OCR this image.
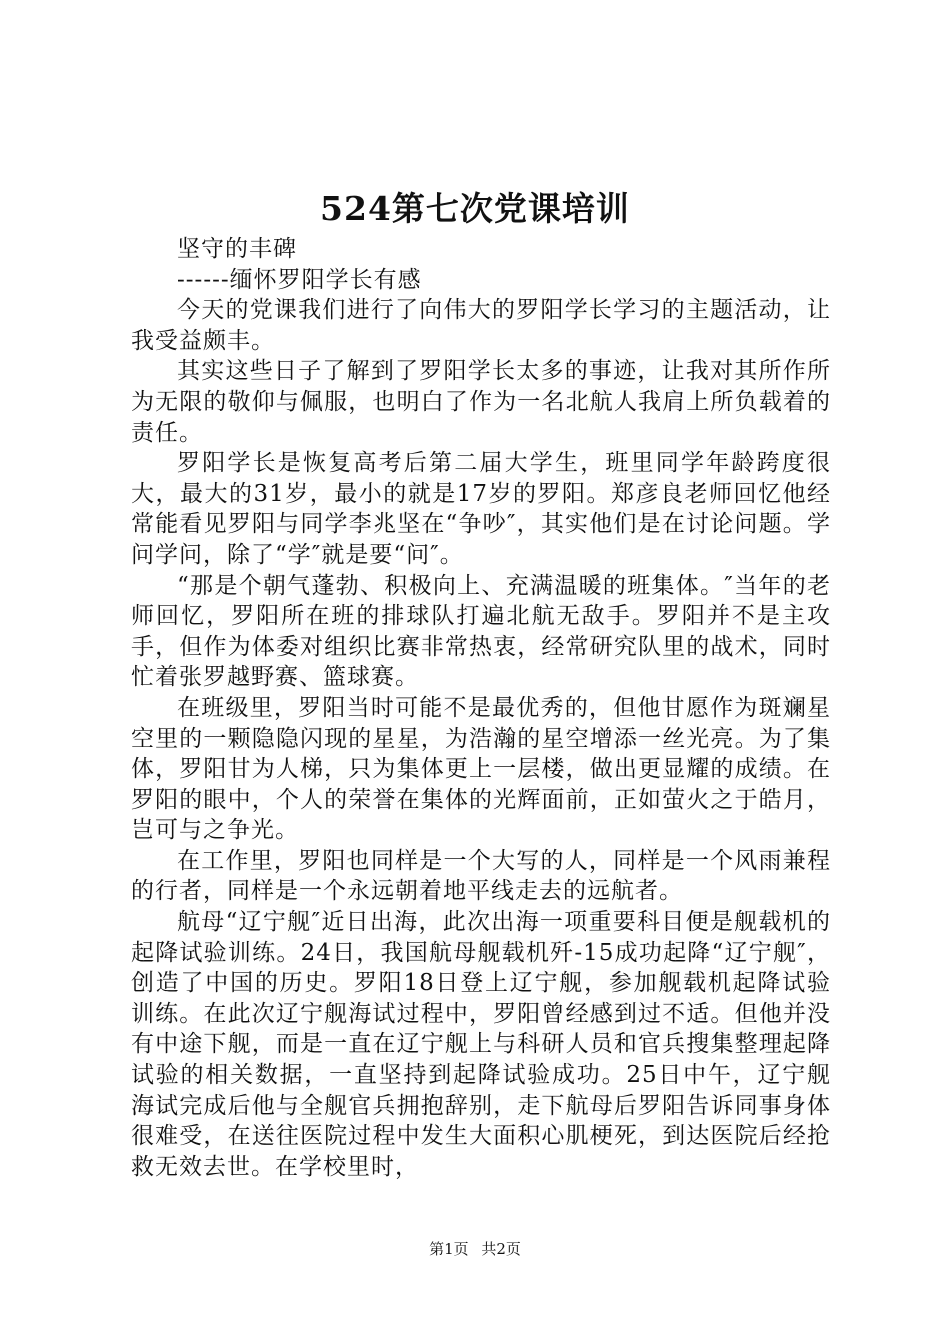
524第七次党课培训

坚守的丰碑

------缅怀罗阳学长有感

今天的党课我们进行了向伟大的罗阳学长学习的主题活动，让我受益颇丰。

其实这些日子了解到了罗阳学长太多的事迹，让我对其所作所为无限的敬仰与佩服，也明白了作为一名北航人我肩上所负载着的责任。

罗阳学长是恢复高考后第二届大学生，班里同学年龄跨度很大，最大的31岁，最小的就是17岁的罗阳。郑彦良老师回忆他经常能看见罗阳与同学李兆坚在“争吵″，其实他们是在讨论问题。学问学问，除了“学″就是要“问″。

“那是个朝气蓬勃、积极向上、充满温暖的班集体。″当年的老师回忆，罗阳所在班的排球队打遍北航无敌手。罗阳并不是主攻手，但作为体委对组织比赛非常热衷，经常研究队里的战术，同时忙着张罗越野赛、篮球赛。

在班级里，罗阳当时可能不是最优秀的，但他甘愿作为斑斓星空里的一颗隐隐闪现的星星，为浩瀚的星空增添一丝光亮。为了集体，罗阳甘为人梯，只为集体更上一层楼，做出更显耀的成绩。在罗阳的眼中，个人的荣誉在集体的光辉面前，正如萤火之于皓月，岂可与之争光。

在工作里，罗阳也同样是一个大写的人，同样是一个风雨兼程的行者，同样是一个永远朝着地平线走去的远航者。

航母“辽宁舰″近日出海，此次出海一项重要科目便是舰载机的起降试验训练。24日，我国航母舰载机歼-15成功起降“辽宁舰″，创造了中国的历史。罗阳18日登上辽宁舰，参加舰载机起降试验训练。在此次辽宁舰海试过程中，罗阳曾经感到过不适。但他并没有中途下舰，而是一直在辽宁舰上与科研人员和官兵搜集整理起降试验的相关数据，一直坚持到起降试验成功。25日中午，辽宁舰海试完成后他与全舰官兵拥抱辞别，走下航母后罗阳告诉同事身体很难受，在送往医院过程中发生大面积心肌梗死，到达医院后经抢救无效去世。在学校里时，

第1页 共2页
